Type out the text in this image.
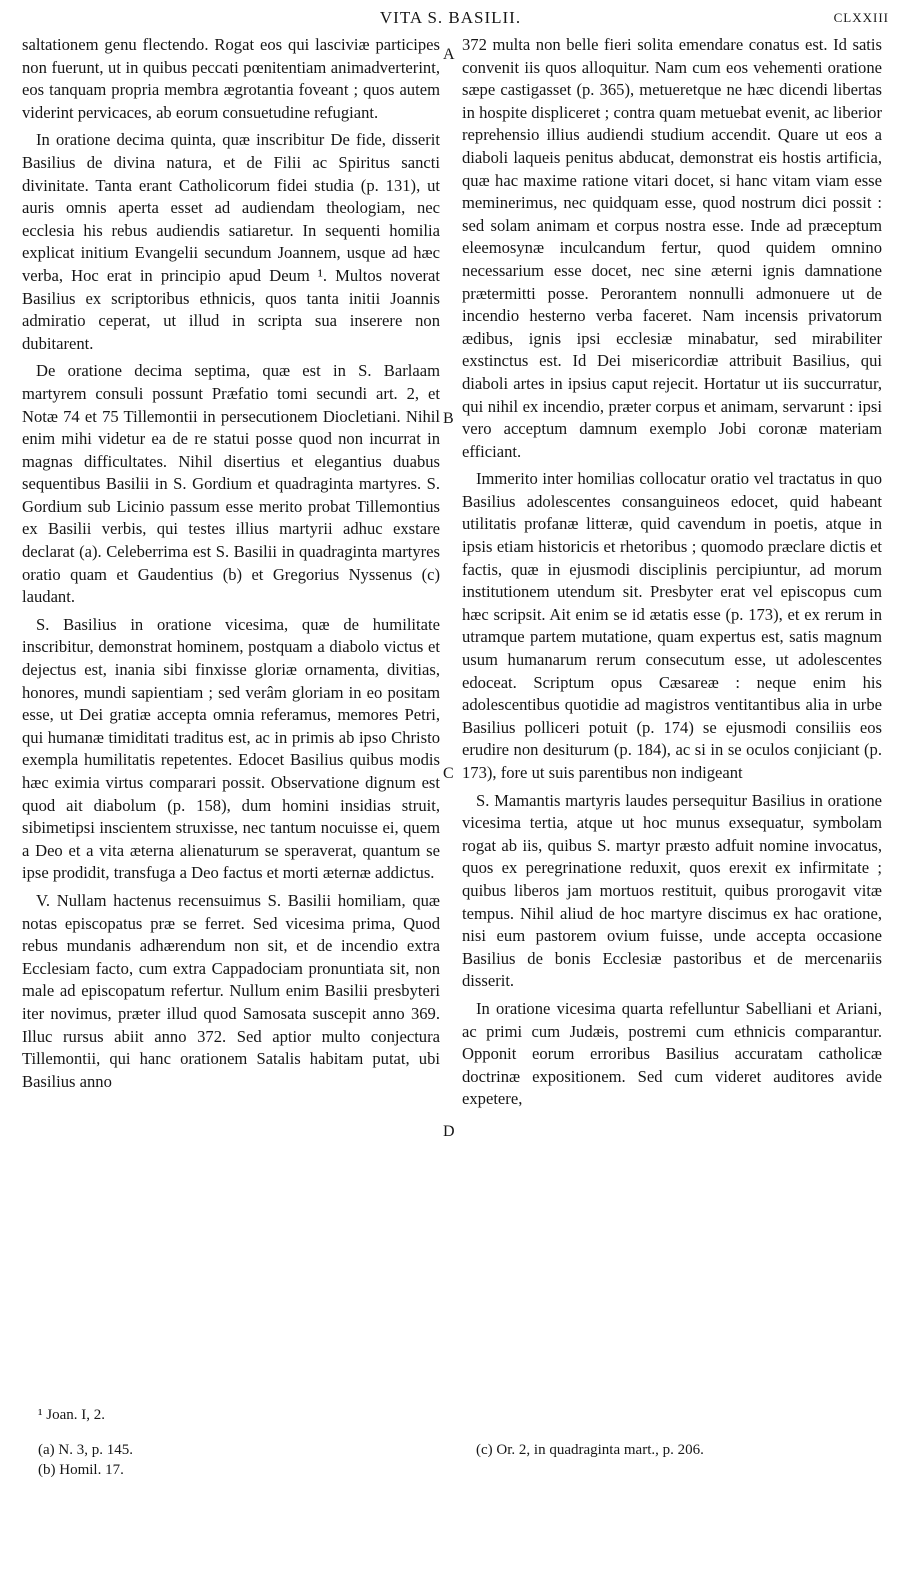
VITA S. BASILII.	CLXXIII

saltationem genu flectendo. Rogat eos qui lasciviæ participes non fuerunt, ut in quibus peccati pœnitentiam animadverterint, eos tanquam propria membra ægrotantia foveant ; quos autem viderint pervicaces, ab eorum consuetudine refugiant.

In oratione decima quinta, quæ inscribitur De fide, disserit Basilius de divina natura, et de Filii ac Spiritus sancti divinitate. Tanta erant Catholicorum fidei studia (p. 131), ut auris omnis aperta esset ad audiendam theologiam, nec ecclesia his rebus audiendis satiaretur. In sequenti homilia explicat initium Evangelii secundum Joannem, usque ad hæc verba, Hoc erat in principio apud Deum ¹. Multos noverat Basilius ex scriptoribus ethnicis, quos tanta initii Joannis admiratio ceperat, ut illud in scripta sua inserere non dubitarent.

De oratione decima septima, quæ est in S. Barlaam martyrem consuli possunt Præfatio tomi secundi art. 2, et Notæ 74 et 75 Tillemontii in persecutionem Diocletiani. Nihil enim mihi videtur ea de re statui posse quod non incurrat in magnas difficultates. Nihil disertius et elegantius duabus sequentibus Basilii in S. Gordium et quadraginta martyres. S. Gordium sub Licinio passum esse merito probat Tillemontius ex Basilii verbis, qui testes illius martyrii adhuc exstare declarat (a). Celeberrima est S. Basilii in quadraginta martyres oratio quam et Gaudentius (b) et Gregorius Nyssenus (c) laudant.

S. Basilius in oratione vicesima, quæ de humilitate inscribitur, demonstrat hominem, postquam a diabolo victus et dejectus est, inania sibi finxisse gloriæ ornamenta, divitias, honores, mundi sapientiam ; sed verâm gloriam in eo positam esse, ut Dei gratiæ accepta omnia referamus, memores Petri, qui humanæ timiditati traditus est, ac in primis ab ipso Christo exempla humilitatis repetentes. Edocet Basilius quibus modis hæc eximia virtus comparari possit. Observatione dignum est quod ait diabolum (p. 158), dum homini insidias struit, sibimetipsi inscientem struxisse, nec tantum nocuisse ei, quem a Deo et a vita æterna alienaturum se speraverat, quantum se ipse prodidit, transfuga a Deo factus et morti æternæ addictus.

V. Nullam hactenus recensuimus S. Basilii homiliam, quæ notas episcopatus præ se ferret. Sed vicesima prima, Quod rebus mundanis adhærendum non sit, et de incendio extra Ecclesiam facto, cum extra Cappadociam pronuntiata sit, non male ad episcopatum refertur. Nullum enim Basilii presbyteri iter novimus, præter illud quod Samosata suscepit anno 369. Illuc rursus abiit anno 372. Sed aptior multo conjectura Tillemontii, qui hanc orationem Satalis habitam putat, ubi Basilius anno

A
B
C
D

372 multa non belle fieri solita emendare conatus est. Id satis convenit iis quos alloquitur. Nam cum eos vehementi oratione sæpe castigasset (p. 365), metueretque ne hæc dicendi libertas in hospite displiceret ; contra quam metuebat evenit, ac liberior reprehensio illius audiendi studium accendit. Quare ut eos a diaboli laqueis penitus abducat, demonstrat eis hostis artificia, quæ hac maxime ratione vitari docet, si hanc vitam viam esse meminerimus, nec quidquam esse, quod nostrum dici possit : sed solam animam et corpus nostra esse. Inde ad præceptum eleemosynæ inculcandum fertur, quod quidem omnino necessarium esse docet, nec sine æterni ignis damnatione prætermitti posse. Perorantem nonnulli admonuere ut de incendio hesterno verba faceret. Nam incensis privatorum ædibus, ignis ipsi ecclesiæ minabatur, sed mirabiliter exstinctus est. Id Dei misericordiæ attribuit Basilius, qui diaboli artes in ipsius caput rejecit. Hortatur ut iis succurratur, qui nihil ex incendio, præter corpus et animam, servarunt : ipsi vero acceptum damnum exemplo Jobi coronæ materiam efficiant.

Immerito inter homilias collocatur oratio vel tractatus in quo Basilius adolescentes consanguineos edocet, quid habeant utilitatis profanæ litteræ, quid cavendum in poetis, atque in ipsis etiam historicis et rhetoribus ; quomodo præclare dictis et factis, quæ in ejusmodi disciplinis percipiuntur, ad morum institutionem utendum sit. Presbyter erat vel episcopus cum hæc scripsit. Ait enim se id ætatis esse (p. 173), et ex rerum in utramque partem mutatione, quam expertus est, satis magnum usum humanarum rerum consecutum esse, ut adolescentes edoceat. Scriptum opus Cæsareæ : neque enim his adolescentibus quotidie ad magistros ventitantibus alia in urbe Basilius polliceri potuit (p. 174) se ejusmodi consiliis eos erudire non desiturum (p. 184), ac si in se oculos conjiciant (p. 173), fore ut suis parentibus non indigeant

S. Mamantis martyris laudes persequitur Basilius in oratione vicesima tertia, atque ut hoc munus exsequatur, symbolam rogat ab iis, quibus S. martyr præsto adfuit nomine invocatus, quos ex peregrinatione reduxit, quos erexit ex infirmitate ; quibus liberos jam mortuos restituit, quibus prorogavit vitæ tempus. Nihil aliud de hoc martyre discimus ex hac oratione, nisi eum pastorem ovium fuisse, unde accepta occasione Basilius de bonis Ecclesiæ pastoribus et de mercenariis disserit.

In oratione vicesima quarta refelluntur Sabelliani et Ariani, ac primi cum Judæis, postremi cum ethnicis comparantur. Opponit eorum erroribus Basilius accuratam catholicæ doctrinæ expositionem. Sed cum videret auditores avide expetere,

¹ Joan. I, 2.
(a) N. 3, p. 145.
(b) Homil. 17.
(c) Or. 2, in quadraginta mart., p. 206.
